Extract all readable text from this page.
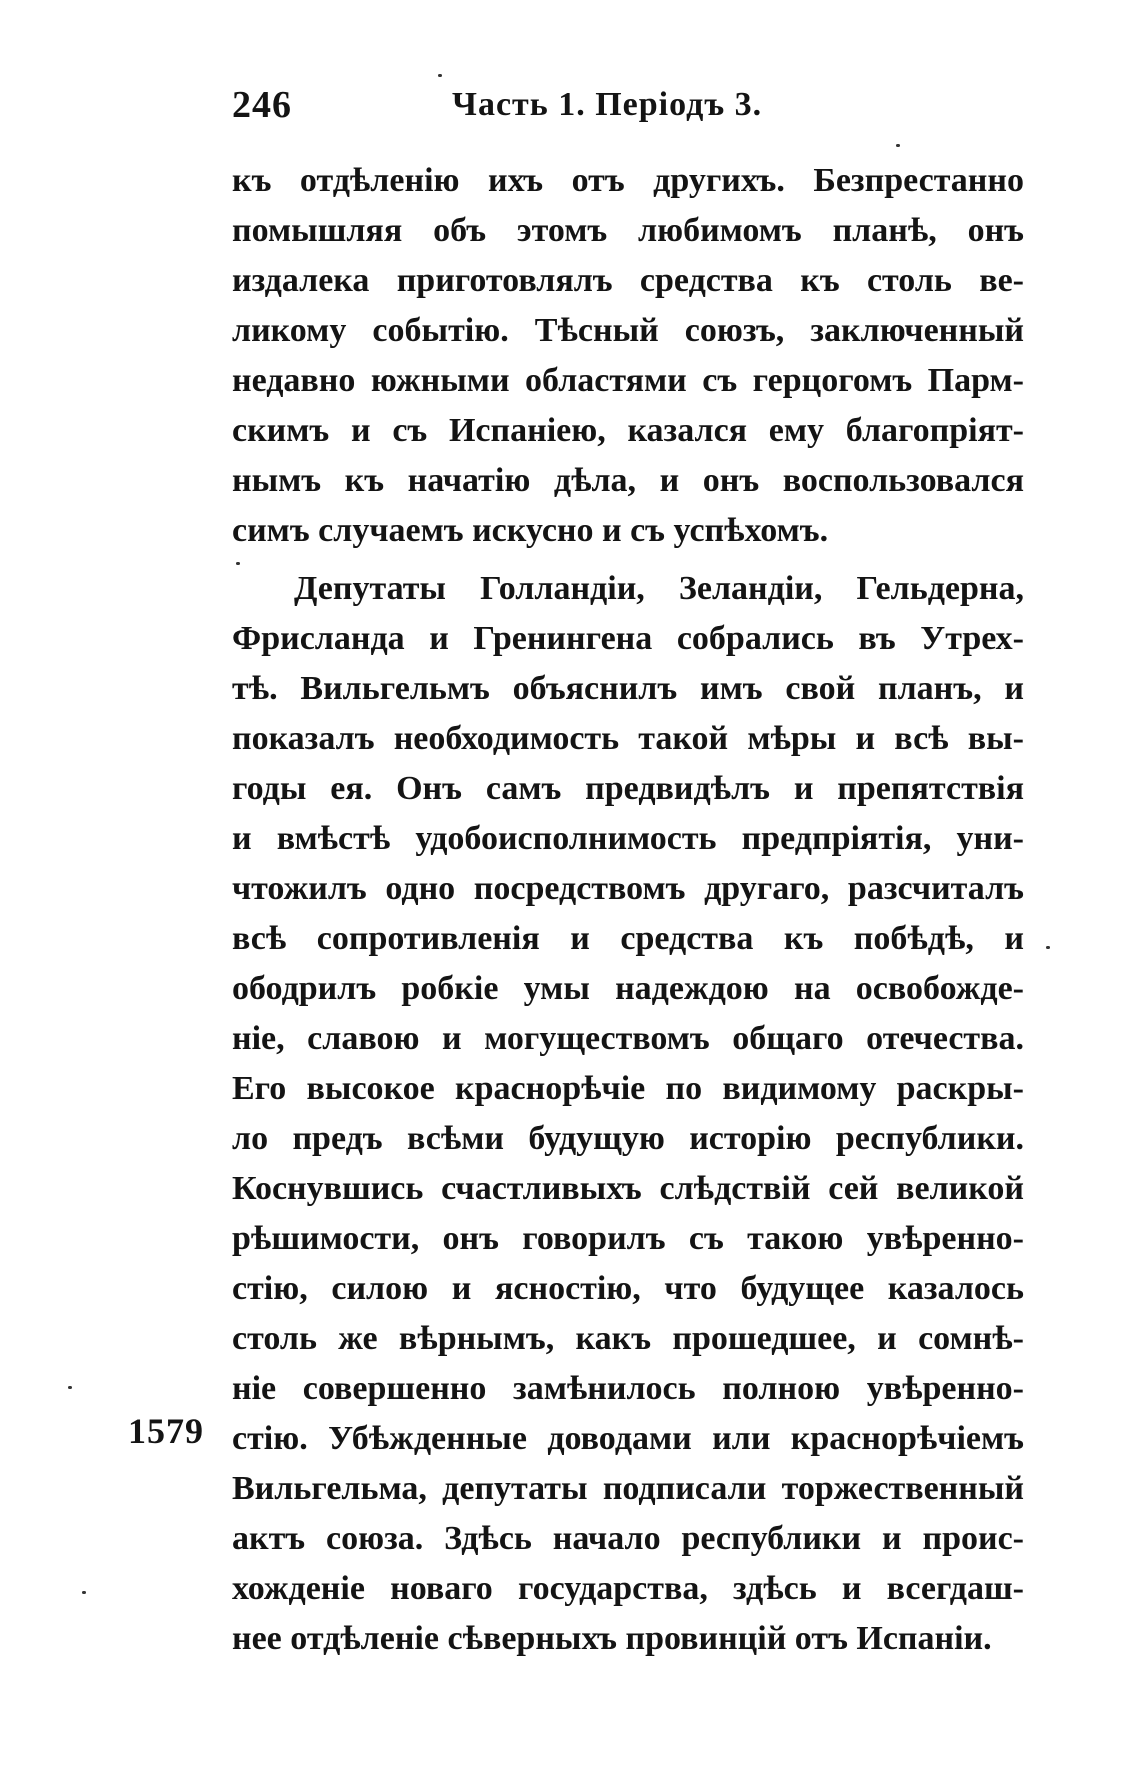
246	Часть 1. Періодъ 3.
1579
къ отдѣленію ихъ отъ другихъ. Безпрестанно
помышляя объ этомъ любимомъ планѣ, онъ
издалека приготовлялъ средства къ столь ве-
ликому событію. Тѣсный союзъ, заключенный
недавно южными областями съ герцогомъ Парм-
скимъ и съ Испаніею, казался ему благопріят-
нымъ къ начатію дѣла, и онъ воспользовался
симъ случаемъ искусно и съ успѣхомъ.
Депутаты Голландіи, Зеландіи, Гельдерна,
Фрисланда и Гренингена собрались въ Утрех-
тѣ. Вильгельмъ объяснилъ имъ свой планъ, и
показалъ необходимость такой мѣры и всѣ вы-
годы ея. Онъ самъ предвидѣлъ и препятствія
и вмѣстѣ удобоисполнимость предпріятія, уни-
чтожилъ одно посредствомъ другаго, разсчиталъ
всѣ сопротивленія и средства къ побѣдѣ, и
ободрилъ робкіе умы надеждою на освобожде-
ніе, славою и могуществомъ общаго отечества.
Его высокое краснорѣчіе по видимому раскры-
ло предъ всѣми будущую исторію республики.
Коснувшись счастливыхъ слѣдствій сей великой
рѣшимости, онъ говорилъ съ такою увѣренно-
стію, силою и ясностію, что будущее казалось
столь же вѣрнымъ, какъ прошедшее, и сомнѣ-
ніе совершенно замѣнилось полною увѣренно-
стію. Убѣжденные доводами или краснорѣчіемъ
Вильгельма, депутаты подписали торжественный
актъ союза. Здѣсь начало республики и проис-
хожденіе новаго государства, здѣсь и всегдаш-
нее отдѣленіе сѣверныхъ провинцій отъ Испаніи.
